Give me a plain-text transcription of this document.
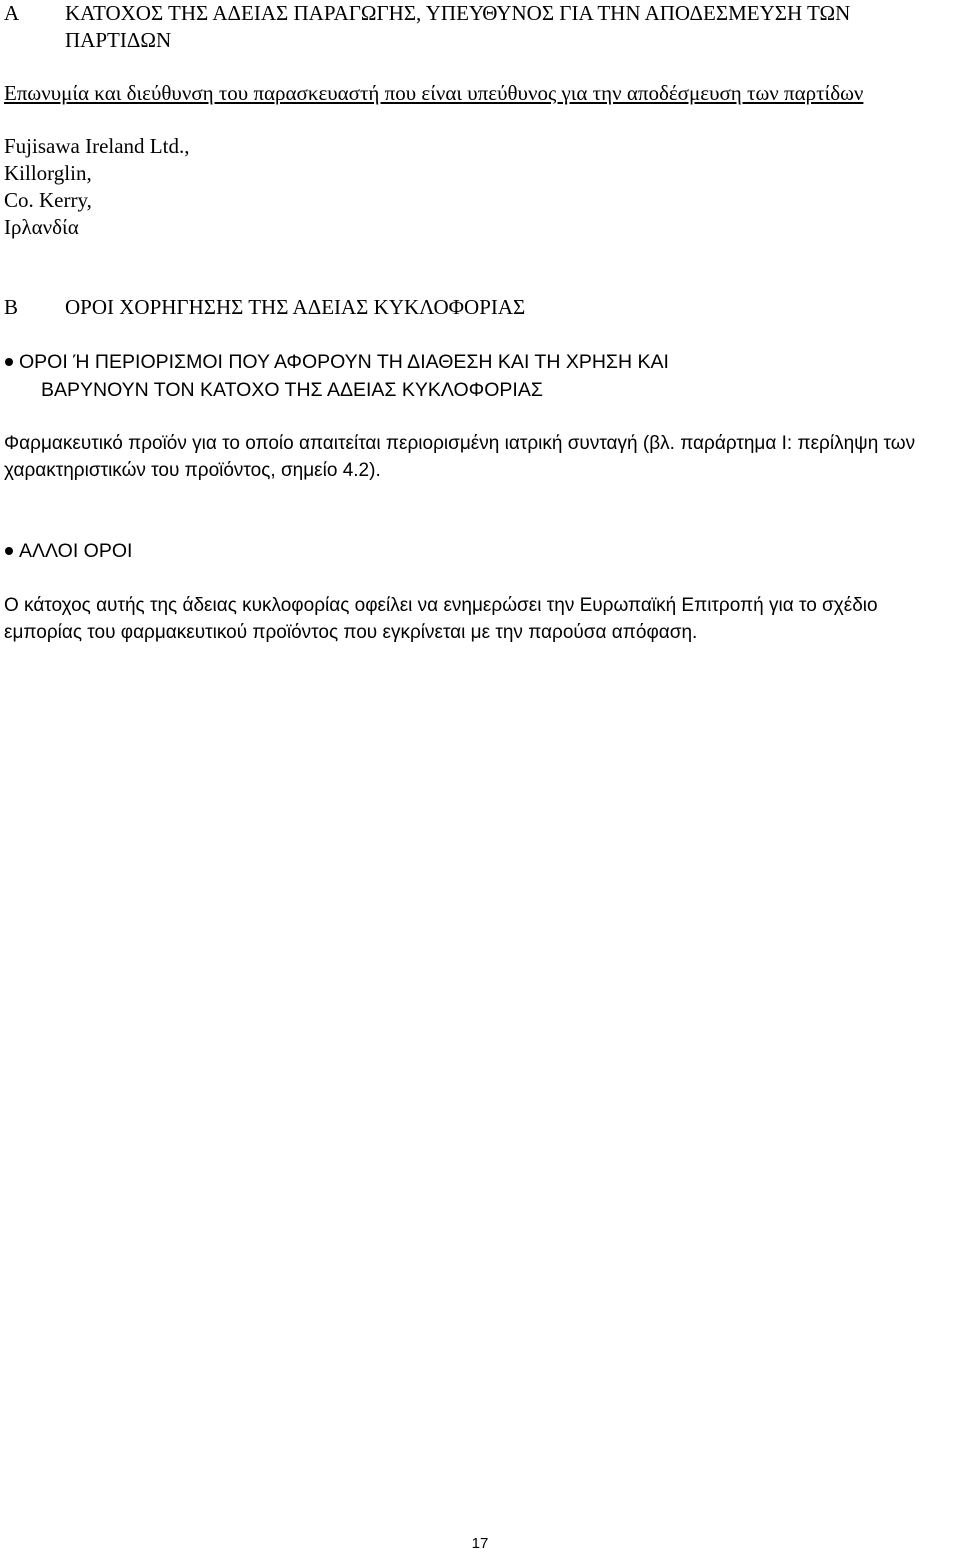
A	ΚΑΤΟΧΟΣ ΤΗΣ ΑΔΕΙΑΣ ΠΑΡΑΓΩΓΗΣ, ΥΠΕΥΘΥΝΟΣ ΓΙΑ ΤΗΝ ΑΠΟΔΕΣΜΕΥΣΗ ΤΩΝ ΠΑΡΤΙΔΩΝ
Επωνυμία και διεύθυνση του παρασκευαστή που είναι υπεύθυνος για την αποδέσμευση των παρτίδων
Fujisawa Ireland Ltd.,
Killorglin,
Co. Kerry,
Ιρλανδία
B	ΟΡΟΙ ΧΟΡΗΓΗΣΗΣ ΤΗΣ ΑΔΕΙΑΣ ΚΥΚΛΟΦΟΡΙΑΣ
ΟΡΟΙ Ή ΠΕΡΙΟΡΙΣΜΟΙ ΠΟΥ ΑΦΟΡΟΥΝ ΤΗ ΔΙΑΘΕΣΗ ΚΑΙ ΤΗ ΧΡΗΣΗ ΚΑΙ
ΒΑΡΥΝΟΥΝ ΤΟΝ ΚΑΤΟΧΟ ΤΗΣ ΑΔΕΙΑΣ ΚΥΚΛΟΦΟΡΙΑΣ
Φαρμακευτικό προϊόν για το οποίο απαιτείται περιορισμένη ιατρική συνταγή (βλ. παράρτημα Ι: περίληψη των χαρακτηριστικών του προϊόντος, σημείο 4.2).
ΑΛΛΟΙ ΟΡΟΙ
Ο κάτοχος αυτής της άδειας κυκλοφορίας οφείλει να ενημερώσει την Ευρωπαϊκή Επιτροπή για το σχέδιο εμπορίας του φαρμακευτικού προϊόντος που εγκρίνεται με την παρούσα απόφαση.
17
